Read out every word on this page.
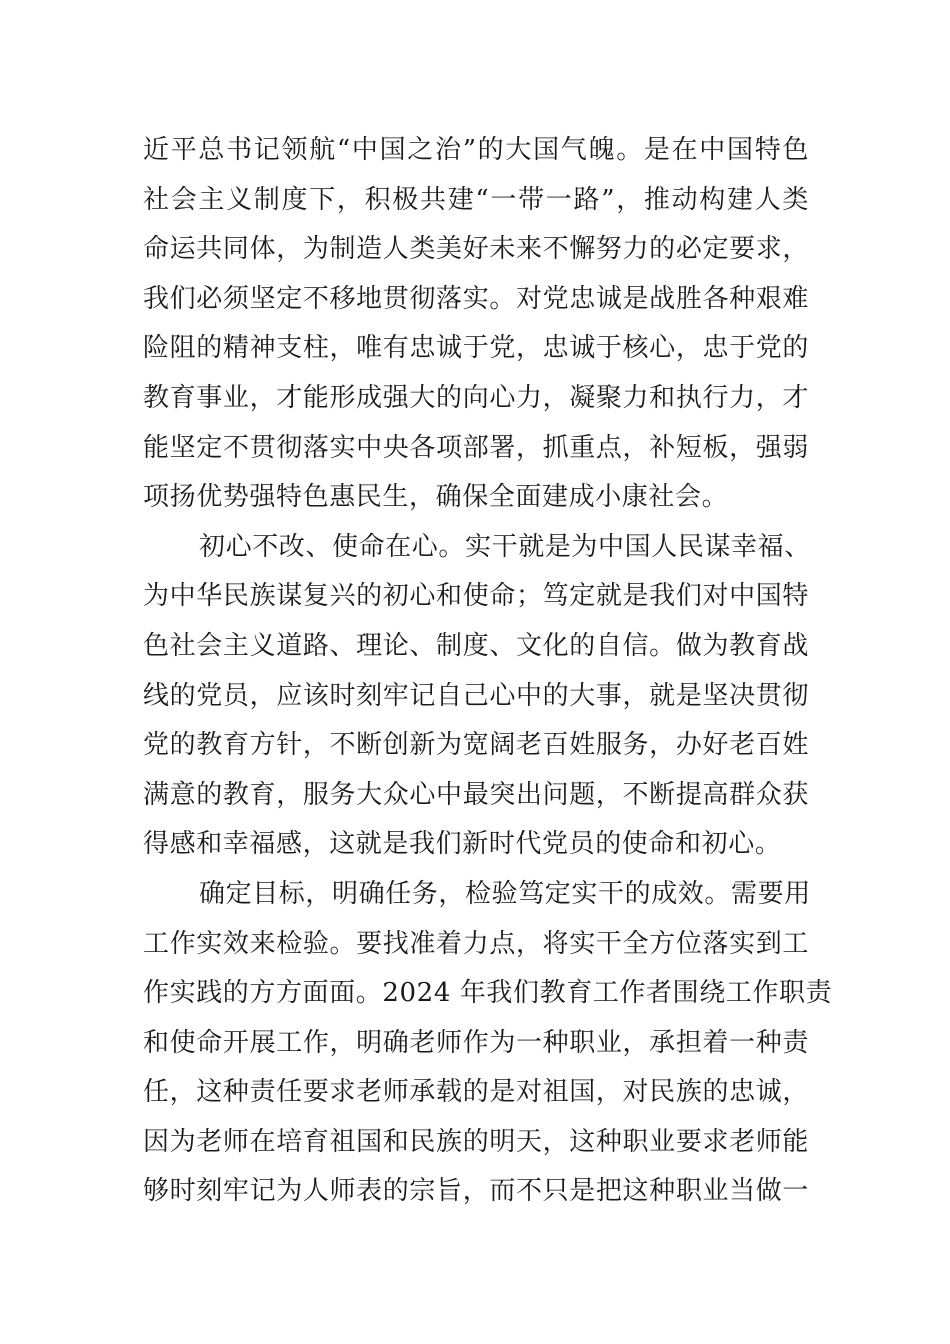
近平总书记领航“中国之治”的大国气魄。是在中国特色
社会主义制度下，积极共建“一带一路”，推动构建人类
命运共同体，为制造人类美好未来不懈努力的必定要求，
我们必须坚定不移地贯彻落实。对党忠诚是战胜各种艰难
险阻的精神支柱，唯有忠诚于党，忠诚于核心，忠于党的
教育事业，才能形成强大的向心力，凝聚力和执行力，才
能坚定不贯彻落实中央各项部署，抓重点，补短板，强弱
项扬优势强特色惠民生，确保全面建成小康社会。
初心不改、使命在心。实干就是为中国人民谋幸福、
为中华民族谋复兴的初心和使命；笃定就是我们对中国特
色社会主义道路、理论、制度、文化的自信。做为教育战
线的党员，应该时刻牢记自己心中的大事，就是坚决贯彻
党的教育方针，不断创新为宽阔老百姓服务，办好老百姓
满意的教育，服务大众心中最突出问题，不断提高群众获
得感和幸福感，这就是我们新时代党员的使命和初心。
确定目标，明确任务，检验笃定实干的成效。需要用
工作实效来检验。要找准着力点，将实干全方位落实到工
作实践的方方面面。2024 年我们教育工作者围绕工作职责
和使命开展工作，明确老师作为一种职业，承担着一种责
任，这种责任要求老师承载的是对祖国，对民族的忠诚，
因为老师在培育祖国和民族的明天，这种职业要求老师能
够时刻牢记为人师表的宗旨，而不只是把这种职业当做一
